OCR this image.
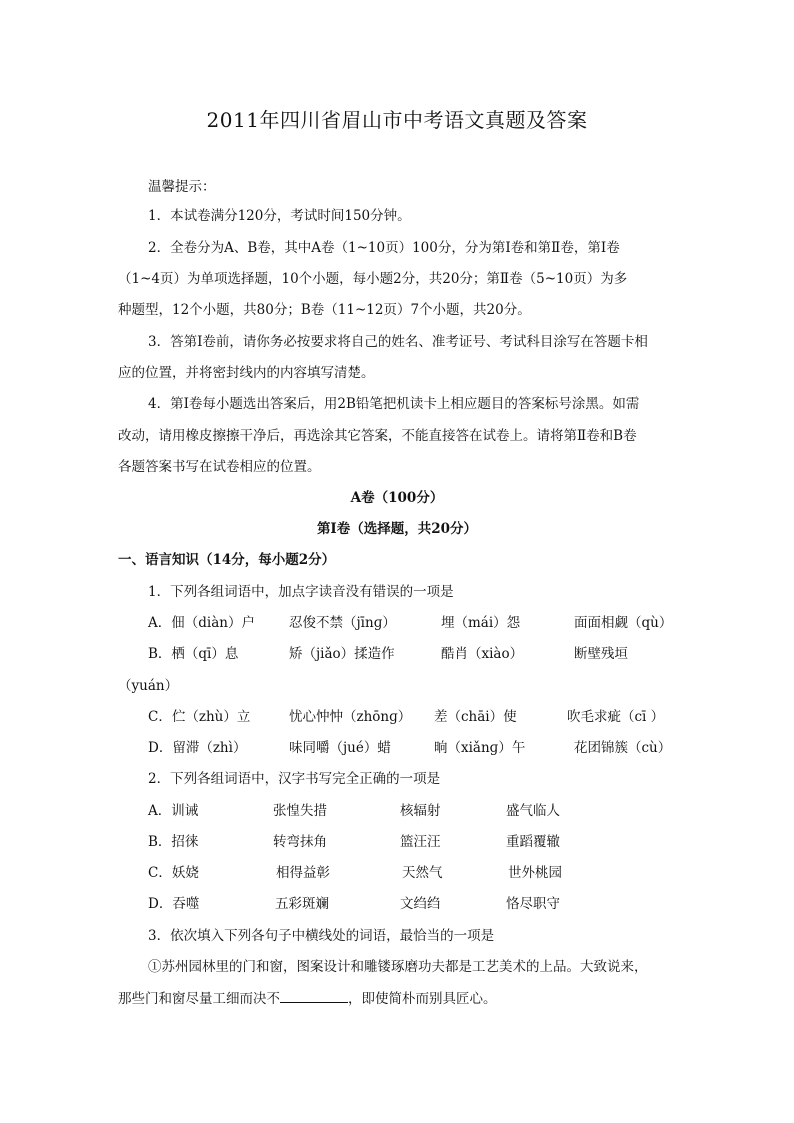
2011年四川省眉山市中考语文真题及答案
温馨提示：
1．本试卷满分120分，考试时间150分钟。
2．全卷分为A、B卷，其中A卷（1~10页）100分，分为第Ⅰ卷和第Ⅱ卷，第Ⅰ卷
（1~4页）为单项选择题，10个小题，每小题2分，共20分；第Ⅱ卷（5~10页）为多
种题型，12个小题，共80分；B卷（11~12页）7个小题，共20分。
3．答第Ⅰ卷前，请你务必按要求将自己的姓名、准考证号、考试科目涂写在答题卡相
应的位置，并将密封线内的内容填写清楚。
4．第Ⅰ卷每小题选出答案后，用2B铅笔把机读卡上相应题目的答案标号涂黑。如需
改动，请用橡皮擦擦干净后，再选涂其它答案，不能直接答在试卷上。请将第Ⅱ卷和B卷
各题答案书写在试卷相应的位置。
A卷（100分）
第Ⅰ卷（选择题，共20分）
一、语言知识（14分，每小题2分）
1．下列各组词语中，加点字读音没有错误的一项是
A．佃（diàn）户	忍俊不禁（jīnɡ）	埋（mái）怨	面面相觑（qù）
B．栖（qī）息	矫（jiǎo）揉造作	酷肖（xiào）	断壁残垣
（yuán）
C．伫（zhù）立	忧心忡忡（zhōnɡ） 差（chāi）使	吹毛求疵（cī ）
D．留滞（zhì）	味同嚼（jué）蜡	晌（xiǎnɡ）午	花团锦簇（cù）
2．下列各组词语中，汉字书写完全正确的一项是
A．训诫	张惶失措	核辐射	盛气临人
B．招徕	转弯抹角	篮汪汪	重蹈覆辙
C．妖娆	相得益彰	天然气	世外桃园
D．吞噬	五彩斑斓	文绉绉	恪尽职守
3．依次填入下列各句子中横线处的词语，最恰当的一项是
①苏州园林里的门和窗，图案设计和雕镂琢磨功夫都是工艺美术的上品。大致说来，
那些门和窗尽量工细而决不	，即使简朴而别具匠心。
